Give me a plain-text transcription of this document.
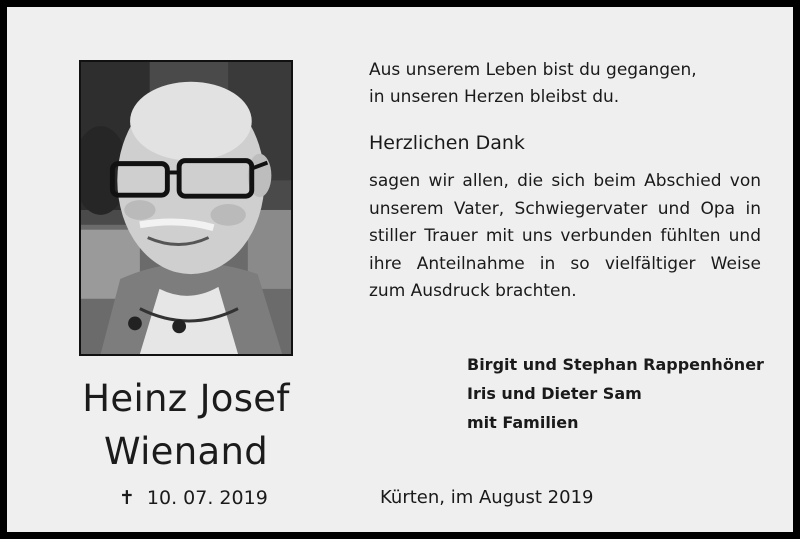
Heinz Josef
Wienand
✝ 10. 07. 2019
Aus unserem Leben bist du gegangen,
in unseren Herzen bleibst du.
Herzlichen Dank
sagen wir allen, die sich beim Abschied von
unserem Vater, Schwiegervater und Opa in
stiller Trauer mit uns verbunden fühlten und
ihre Anteilnahme in so vielfältiger Weise
zum Ausdruck brachten.
Birgit und Stephan Rappenhöner
Iris und Dieter Sam
mit Familien
Kürten, im August 2019
